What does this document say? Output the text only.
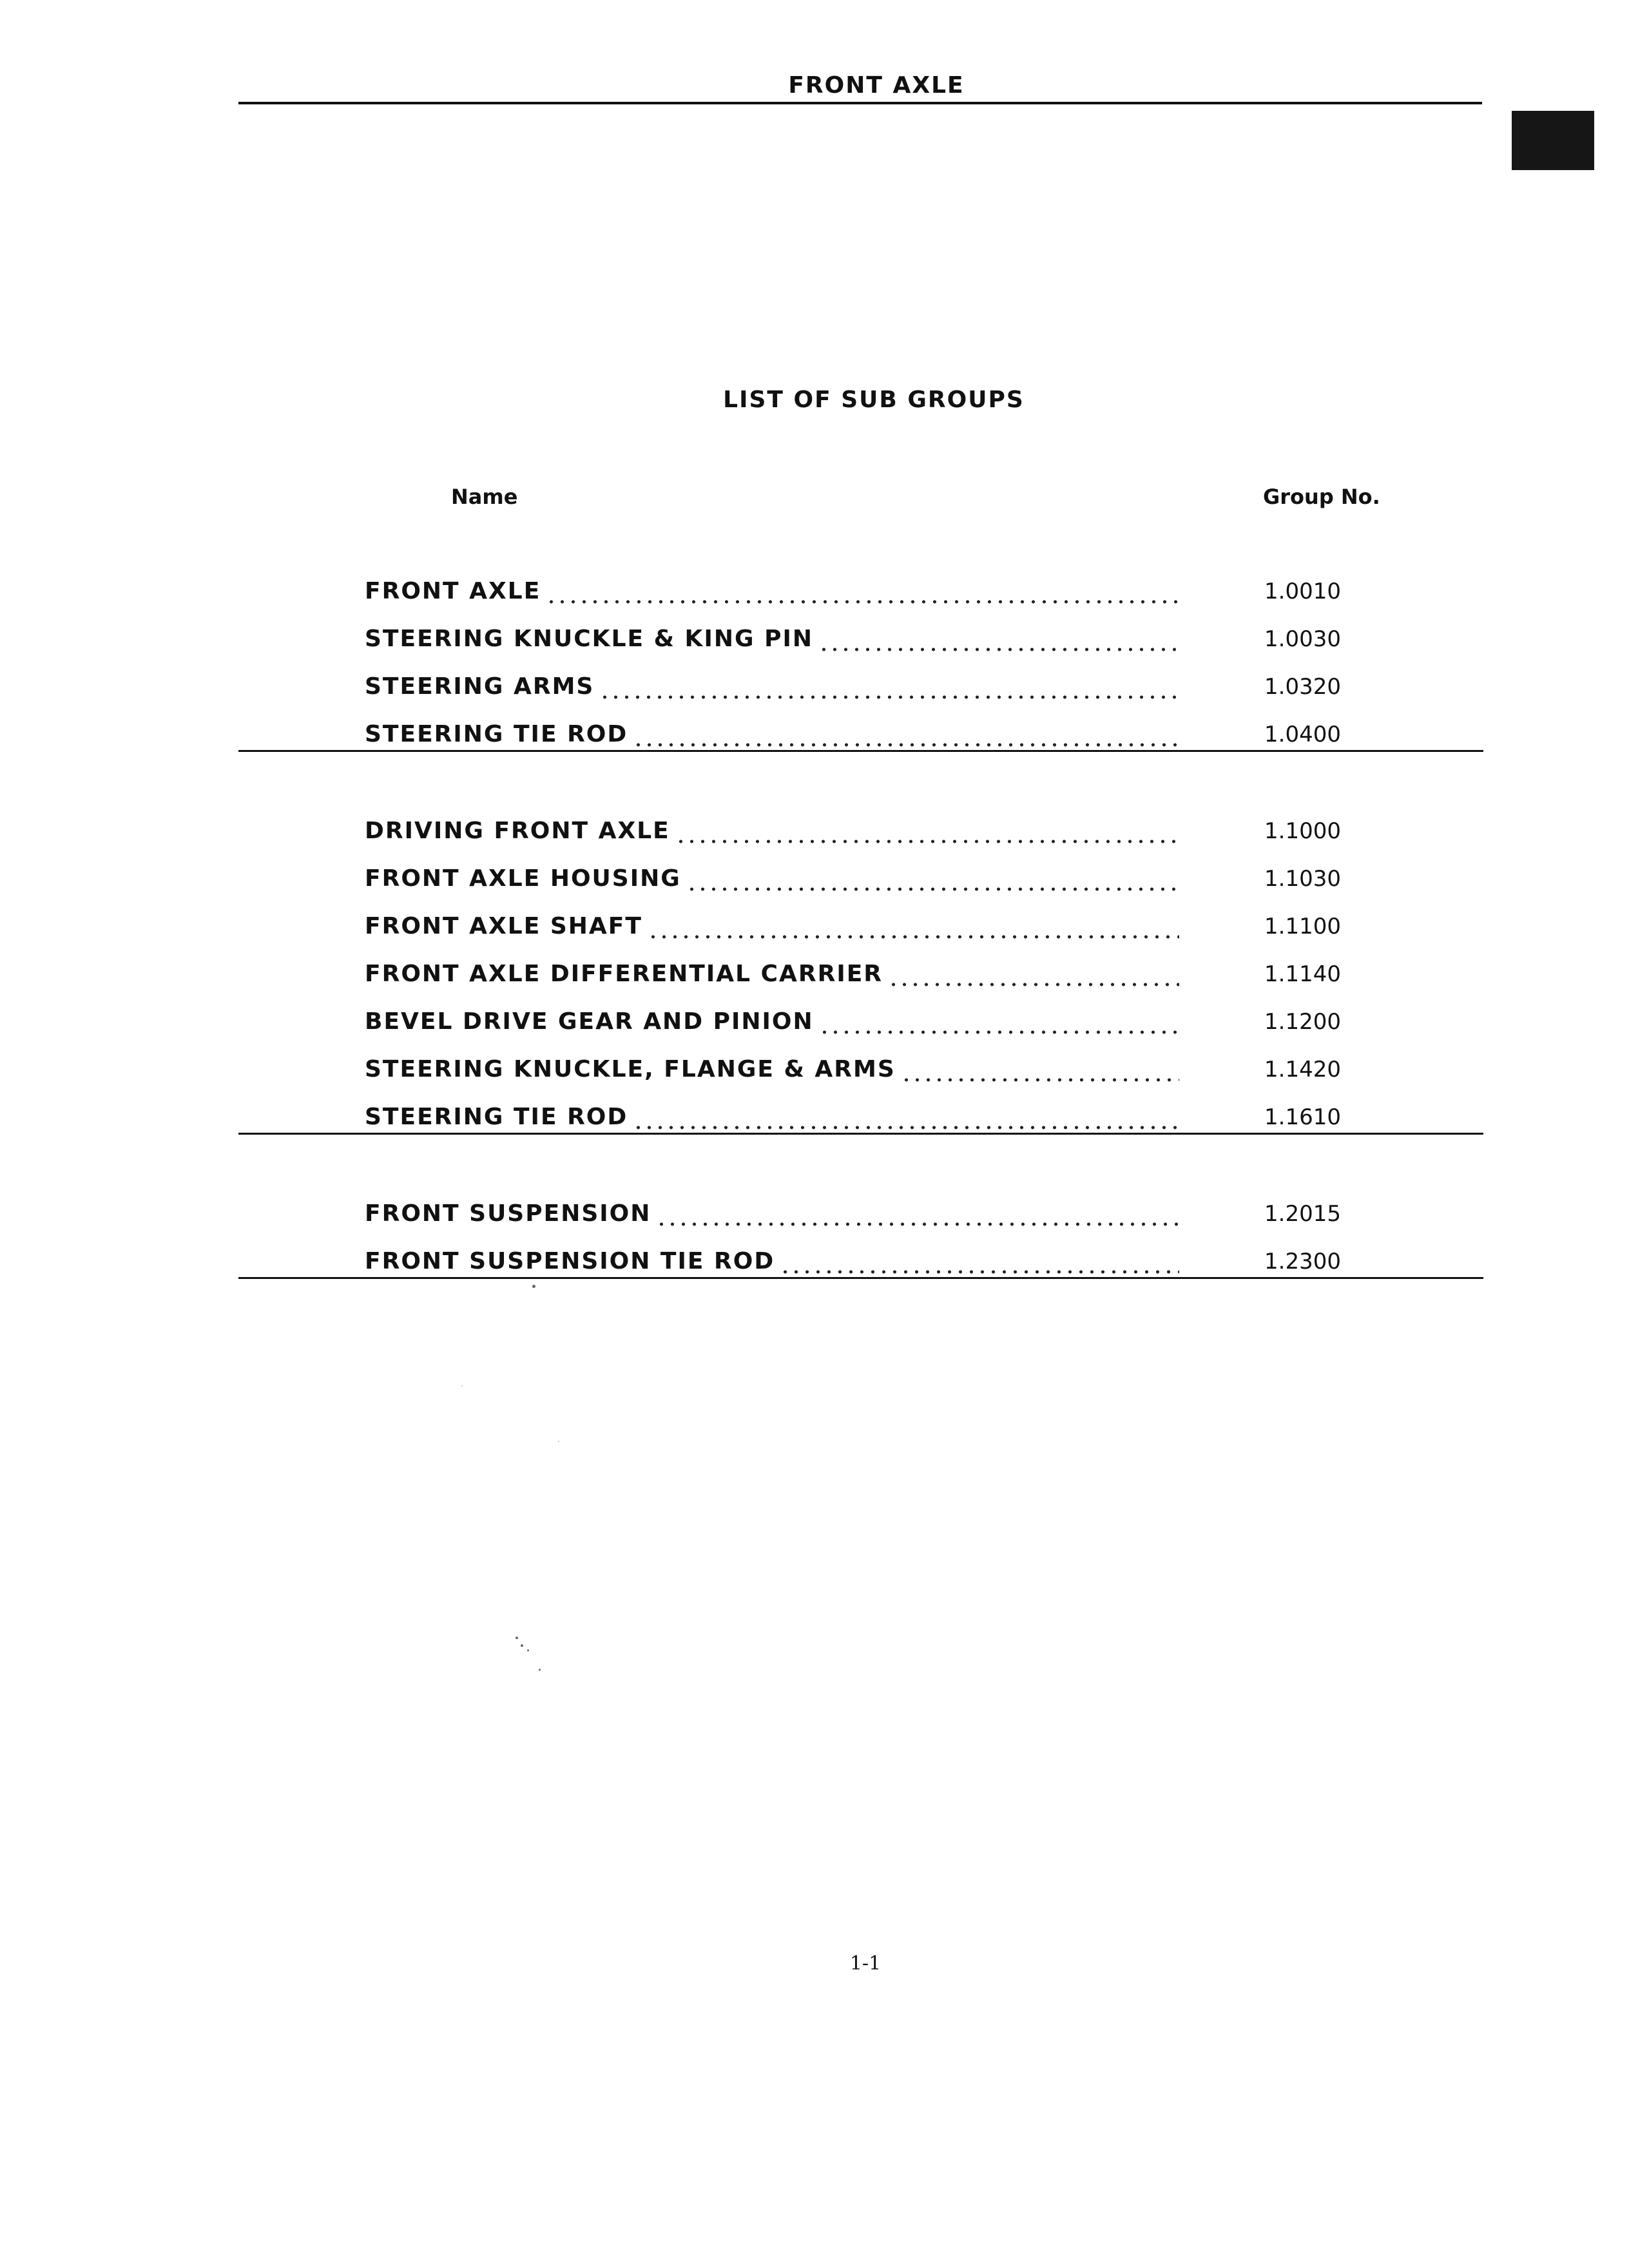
FRONT AXLE
LIST OF SUB GROUPS
Name	Group No.
FRONT AXLE	1.0010
STEERING KNUCKLE & KING PIN	1.0030
STEERING ARMS	1.0320
STEERING TIE ROD	1.0400
DRIVING FRONT AXLE	1.1000
FRONT AXLE HOUSING	1.1030
FRONT AXLE SHAFT	1.1100
FRONT AXLE DIFFERENTIAL CARRIER	1.1140
BEVEL DRIVE GEAR AND PINION	1.1200
STEERING KNUCKLE, FLANGE & ARMS	1.1420
STEERING TIE ROD	1.1610
FRONT SUSPENSION	1.2015
FRONT SUSPENSION TIE ROD	1.2300
1-1
